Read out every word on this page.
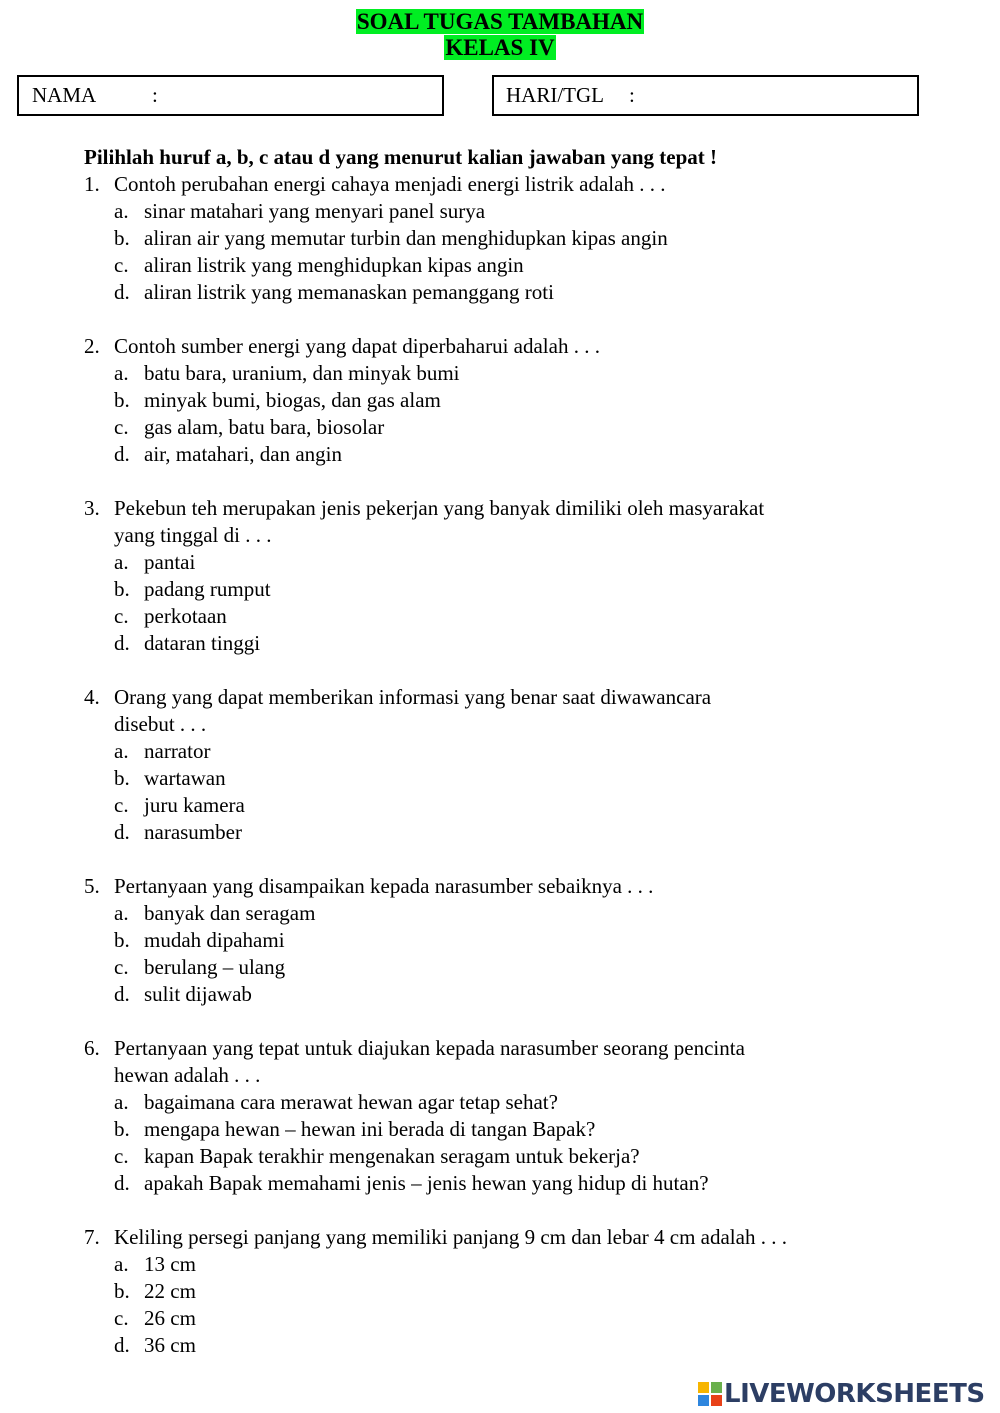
SOAL TUGAS TAMBAHAN
KELAS IV
NAMA	:	HARI/TGL :
Pilihlah huruf a, b, c atau d yang menurut kalian jawaban yang tepat !
1. Contoh perubahan energi cahaya menjadi energi listrik adalah . . .
a. sinar matahari yang menyari panel surya
b. aliran air yang memutar turbin dan menghidupkan kipas angin
c. aliran listrik yang menghidupkan kipas angin
d. aliran listrik yang memanaskan pemanggang roti
2. Contoh sumber energi yang dapat diperbaharui adalah . . .
a. batu bara, uranium, dan minyak bumi
b. minyak bumi, biogas, dan gas alam
c. gas alam, batu bara, biosolar
d. air, matahari, dan angin
3. Pekebun teh merupakan jenis pekerjan yang banyak dimiliki oleh masyarakat
yang tinggal di . . .
a. pantai
b. padang rumput
c. perkotaan
d. dataran tinggi
4. Orang yang dapat memberikan informasi yang benar saat diwawancara
disebut . . .
a. narrator
b. wartawan
c. juru kamera
d. narasumber
5. Pertanyaan yang disampaikan kepada narasumber sebaiknya . . .
a. banyak dan seragam
b. mudah dipahami
c. berulang – ulang
d. sulit dijawab
6. Pertanyaan yang tepat untuk diajukan kepada narasumber seorang pencinta
hewan adalah . . .
a. bagaimana cara merawat hewan agar tetap sehat?
b. mengapa hewan – hewan ini berada di tangan Bapak?
c. kapan Bapak terakhir mengenakan seragam untuk bekerja?
d. apakah Bapak memahami jenis – jenis hewan yang hidup di hutan?
7. Keliling persegi panjang yang memiliki panjang 9 cm dan lebar 4 cm adalah . . .
a. 13 cm
b. 22 cm
c. 26 cm
d. 36 cm
LIVEWORKSHEETS
